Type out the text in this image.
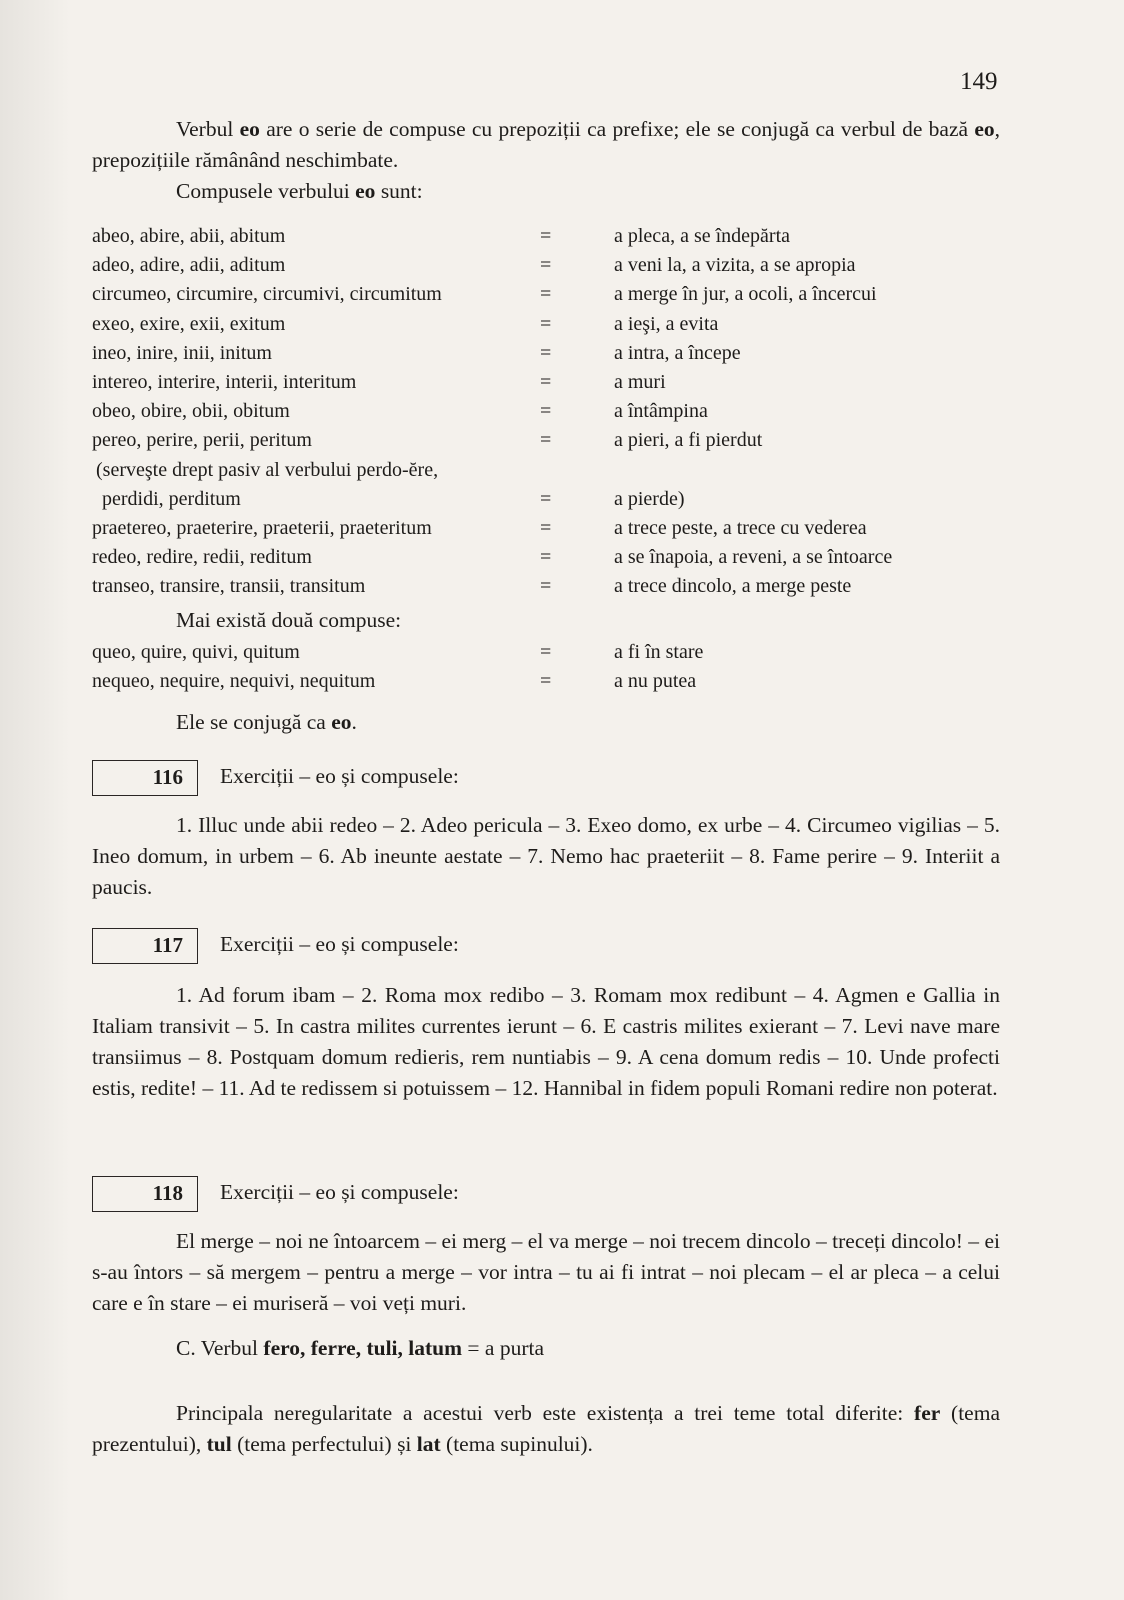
149

Verbul eo are o serie de compuse cu prepoziții ca prefixe; ele se conjugă ca verbul de bază eo, prepozițiile rămânând neschimbate.

Compusele verbului eo sunt:

abeo, abire, abii, abitum	=	a pleca, a se îndepărta
adeo, adire, adii, aditum	=	a veni la, a vizita, a se apropia
circumeo, circumire, circumivi, circumitum	=	a merge în jur, a ocoli, a încercui
exeo, exire, exii, exitum	=	a ieşi, a evita
ineo, inire, inii, initum	=	a intra, a începe
intereo, interire, interii, interitum	=	a muri
obeo, obire, obii, obitum	=	a întâmpina
pereo, perire, perii, peritum	=	a pieri, a fi pierdut
(serveşte drept pasiv al verbului perdo-ĕre,
perdidi, perditum	=	a pierde)
praetereo, praeterire, praeterii, praeteritum	=	a trece peste, a trece cu vederea
redeo, redire, redii, reditum	=	a se înapoia, a reveni, a se întoarce
transeo, transire, transii, transitum	=	a trece dincolo, a merge peste
Mai există două compuse:
queo, quire, quivi, quitum	=	a fi în stare
nequeo, nequire, nequivi, nequitum	=	a nu putea
Ele se conjugă ca eo.
116	Exerciții – eo și compusele:

1. Illuc unde abii redeo – 2. Adeo pericula – 3. Exeo domo, ex urbe – 4. Circumeo vigilias – 5. Ineo domum, in urbem – 6. Ab ineunte aestate – 7. Nemo hac praeteriit – 8. Fame perire – 9. Interiit a paucis.

117	Exerciții – eo și compusele:

1. Ad forum ibam – 2. Roma mox redibo – 3. Romam mox redibunt – 4. Agmen e Gallia in Italiam transivit – 5. In castra milites currentes ierunt – 6. E castris milites exierant – 7. Levi nave mare transiimus – 8. Postquam domum redieris, rem nuntiabis – 9. A cena domum redis – 10. Unde profecti estis, redite! – 11. Ad te redissem si potuissem – 12. Hannibal in fidem populi Romani redire non poterat.

118	Exerciții – eo și compusele:

El merge – noi ne întoarcem – ei merg – el va merge – noi trecem dincolo – treceți dincolo! – ei s-au întors – să mergem – pentru a merge – vor intra – tu ai fi intrat – noi plecam – el ar pleca – a celui care e în stare – ei muriseră – voi veți muri.

C. Verbul fero, ferre, tuli, latum = a purta

Principala neregularitate a acestui verb este existența a trei teme total diferite: fer (tema prezentului), tul (tema perfectului) și lat (tema supinului).
